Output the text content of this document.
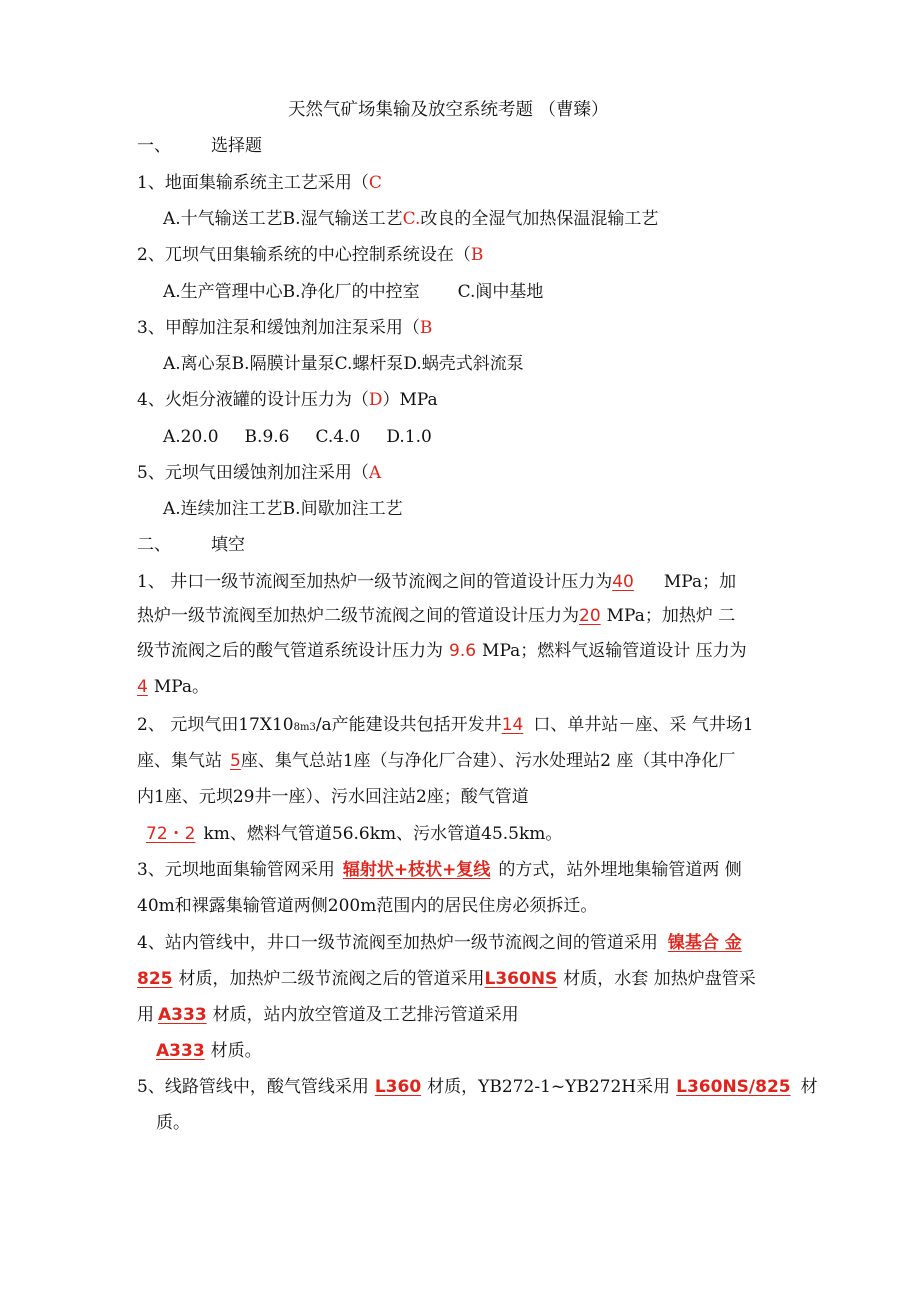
天然气矿场集输及放空系统考题 （曹臻）
一、 选择题
1、地面集输系统主工艺采用（C
A.十气输送工艺B.湿气输送工艺C.改良的全湿气加热保温混输工艺
2、兀坝气田集输系统的中心控制系统设在（B
A.生产管理中心B.净化厂的中控室 C.阆中基地
3、甲醇加注泵和缓蚀剂加注泵采用（B
A.离心泵B.隔膜计量泵C.螺杆泵D.蜗壳式斜流泵
4、火炬分液罐的设计压力为（D）MPa
A.20.0 B.9.6 C.4.0 D.1.0
5、元坝气田缓蚀剂加注采用（A
A.连续加注工艺B.间歇加注工艺
二、 填空
1、 井口一级节流阀至加热炉一级节流阀之间的管道设计压力为40 MPa；加
热炉一级节流阀至加热炉二级节流阀之间的管道设计压力为20 MPa；加热炉 二
级节流阀之后的酸气管道系统设计压力为 9.6 MPa；燃料气返输管道设计 压力为
4 MPa。
2、 元坝气田17X108m3/a产能建设共包括开发井14 口、单井站－座、采 气井场1
座、集气站 5座、集气总站1座（与净化厂合建）、污水处理站2 座（其中净化厂
内1座、元坝29井一座）、污水回注站2座；酸气管道
72・2 km、燃料气管道56.6km、污水管道45.5km。
3、元坝地面集输管网采用 辐射状+枝状+复线 的方式，站外埋地集输管道两 侧
40m和裸露集输管道两侧200m范围内的居民住房必须拆迁。
4、站内管线中，井口一级节流阀至加热炉一级节流阀之间的管道采用 镍基合 金
825 材质，加热炉二级节流阀之后的管道采用L360NS 材质，水套 加热炉盘管采
用 A333 材质，站内放空管道及工艺排污管道采用
A333 材质。
5、线路管线中，酸气管线采用 L360 材质，YB272-1~YB272H采用 L360NS/825 材
质。
